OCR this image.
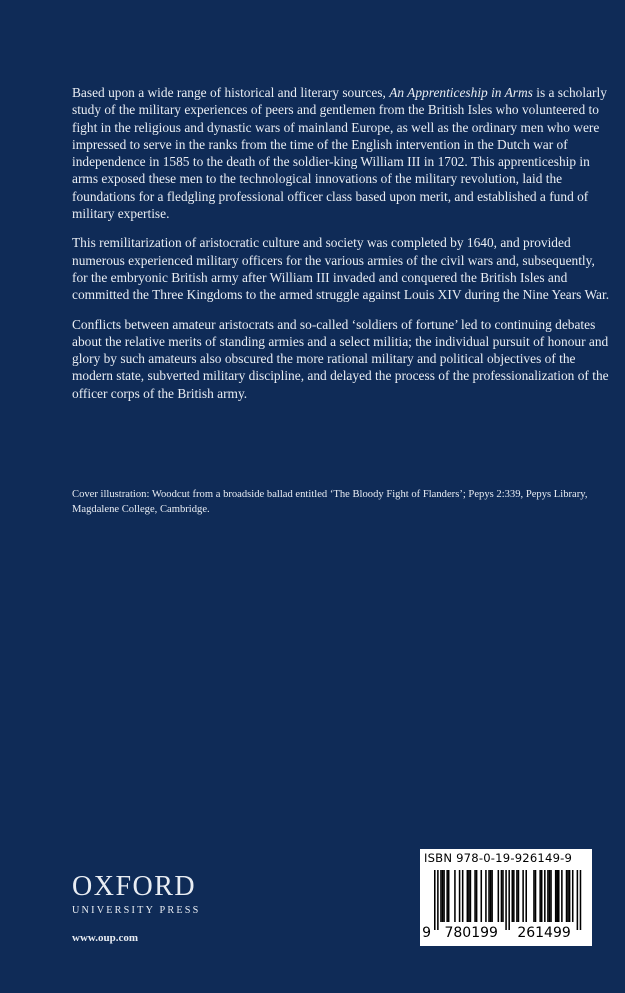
Based upon a wide range of historical and literary sources, An Apprenticeship in Arms is a scholarly study of the military experiences of peers and gentlemen from the British Isles who volunteered to fight in the religious and dynastic wars of mainland Europe, as well as the ordinary men who were impressed to serve in the ranks from the time of the English intervention in the Dutch war of independence in 1585 to the death of the soldier-king William III in 1702. This apprenticeship in arms exposed these men to the technological innovations of the military revolution, laid the foundations for a fledgling professional officer class based upon merit, and established a fund of military expertise.

This remilitarization of aristocratic culture and society was completed by 1640, and provided numerous experienced military officers for the various armies of the civil wars and, subsequently, for the embryonic British army after William III invaded and conquered the British Isles and committed the Three Kingdoms to the armed struggle against Louis XIV during the Nine Years War.

Conflicts between amateur aristocrats and so-called ‘soldiers of fortune’ led to continuing debates about the relative merits of standing armies and a select militia; the individual pursuit of honour and glory by such amateurs also obscured the more rational military and political objectives of the modern state, subverted military discipline, and delayed the process of the professionalization of the officer corps of the British army.

Cover illustration: Woodcut from a broadside ballad entitled ‘The Bloody Fight of Flanders’; Pepys 2:339, Pepys Library, Magdalene College, Cambridge.
OXFORD
UNIVERSITY PRESS
www.oup.com
ISBN 978-0-19-926149-9
9 780199 261499
